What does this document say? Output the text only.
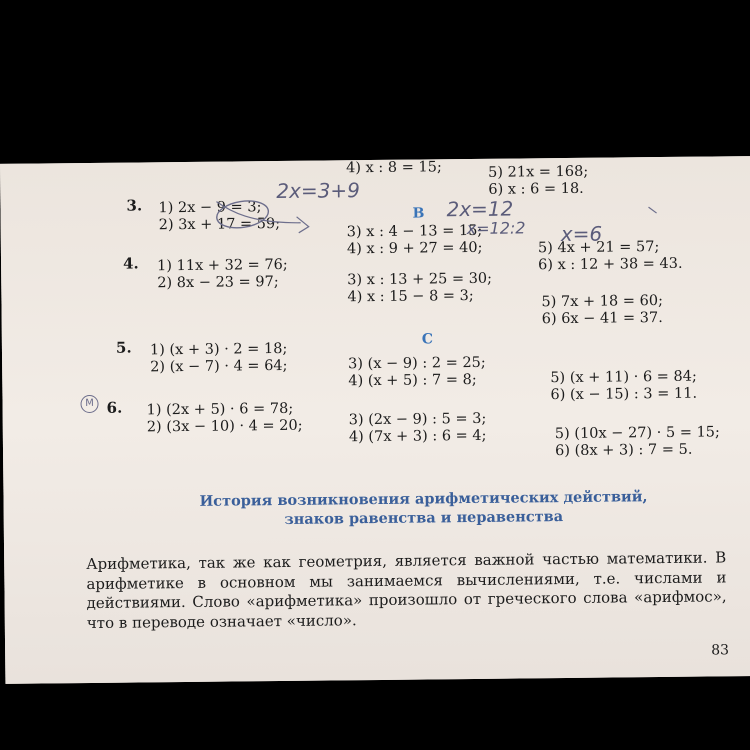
4) x : 8 = 15;	5) 21x = 168;
6) x : 6 = 18.
3. 1) 2x − 9 = 3;
2) 3x + 17 = 59;
B
3) x : 4 − 13 = 15;
4) x : 9 + 27 = 40;	5) 4x + 21 = 57;
6) x : 12 + 38 = 43.
4. 1) 11x + 32 = 76;
2) 8x − 23 = 97;	3) x : 13 + 25 = 30;
4) x : 15 − 8 = 3;	5) 7x + 18 = 60;
6) 6x − 41 = 37.
C
5. 1) (x + 3) · 2 = 18;
2) (x − 7) · 4 = 64;	3) (x − 9) : 2 = 25;
4) (x + 5) : 7 = 8;	5) (x + 11) · 6 = 84;
6) (x − 15) : 3 = 11.
M 6. 1) (2x + 5) · 6 = 78;
2) (3x − 10) · 4 = 20;	3) (2x − 9) : 5 = 3;
4) (7x + 3) : 6 = 4;	5) (10x − 27) · 5 = 15;
6) (8x + 3) : 7 = 5.
2x=3+9
2x=12
x=12:2 x=6
История возникновения арифметических действий,
знаков равенства и неравенства
Арифметика, так же как геометрия, является важной частью математики. В арифметике в основном мы занимаемся вычислениями, т.е. числами и действиями. Слово «арифметика» произошло от греческого слова «арифмос», что в переводе означает «число».
83
